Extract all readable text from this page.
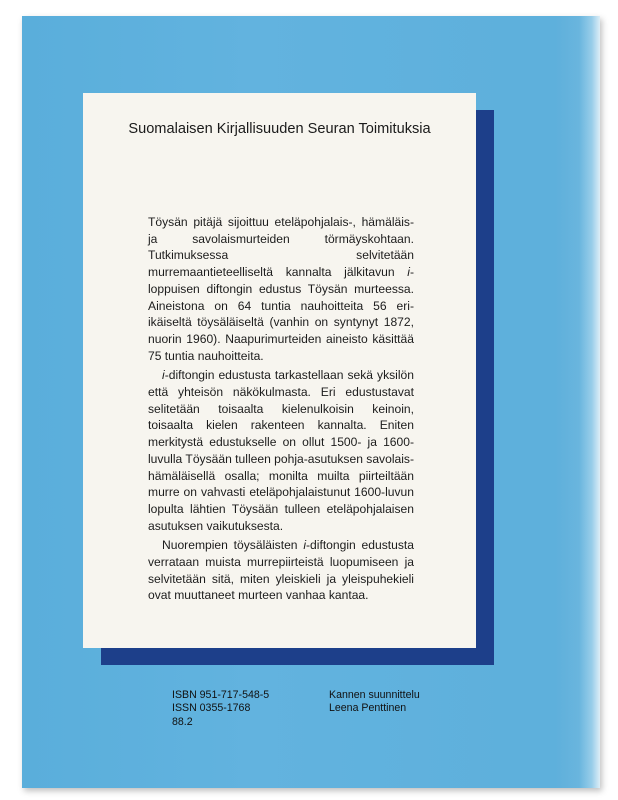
Suomalaisen Kirjallisuuden Seuran Toimituksia

Töysän pitäjä sijoittuu eteläpohjalais-, hämäläis- ja savolaismurteiden törmäyskohtaan. Tutkimuksessa selvitetään murremaantieteelliseltä kannalta jälkitavun i-loppuisen diftongin edustus Töysän murteessa. Aineistona on 64 tuntia nauhoitteita 56 eri-ikäiseltä töysäläiseltä (vanhin on syntynyt 1872, nuorin 1960). Naapurimurteiden aineisto käsittää 75 tuntia nauhoitteita.

i-diftongin edustusta tarkastellaan sekä yksilön että yhteisön näkökulmasta. Eri edustustavat selitetään toisaalta kielenulkoisin keinoin, toisaalta kielen rakenteen kannalta. Eniten merkitystä edustukselle on ollut 1500- ja 1600-luvulla Töysään tulleen pohja-asutuksen savolais-hämäläisellä osalla; monilta muilta piirteiltään murre on vahvasti eteläpohjalaistunut 1600-luvun lopulta lähtien Töysään tulleen eteläpohjalaisen asutuksen vaikutuksesta.

Nuorempien töysäläisten i-diftongin edustusta verrataan muista murrepiirteistä luopumiseen ja selvitetään sitä, miten yleiskieli ja yleispuhekieli ovat muuttaneet murteen vanhaa kantaa.

ISBN 951-717-548-5
ISSN 0355-1768
88.2
Kannen suunnittelu
Leena Penttinen
